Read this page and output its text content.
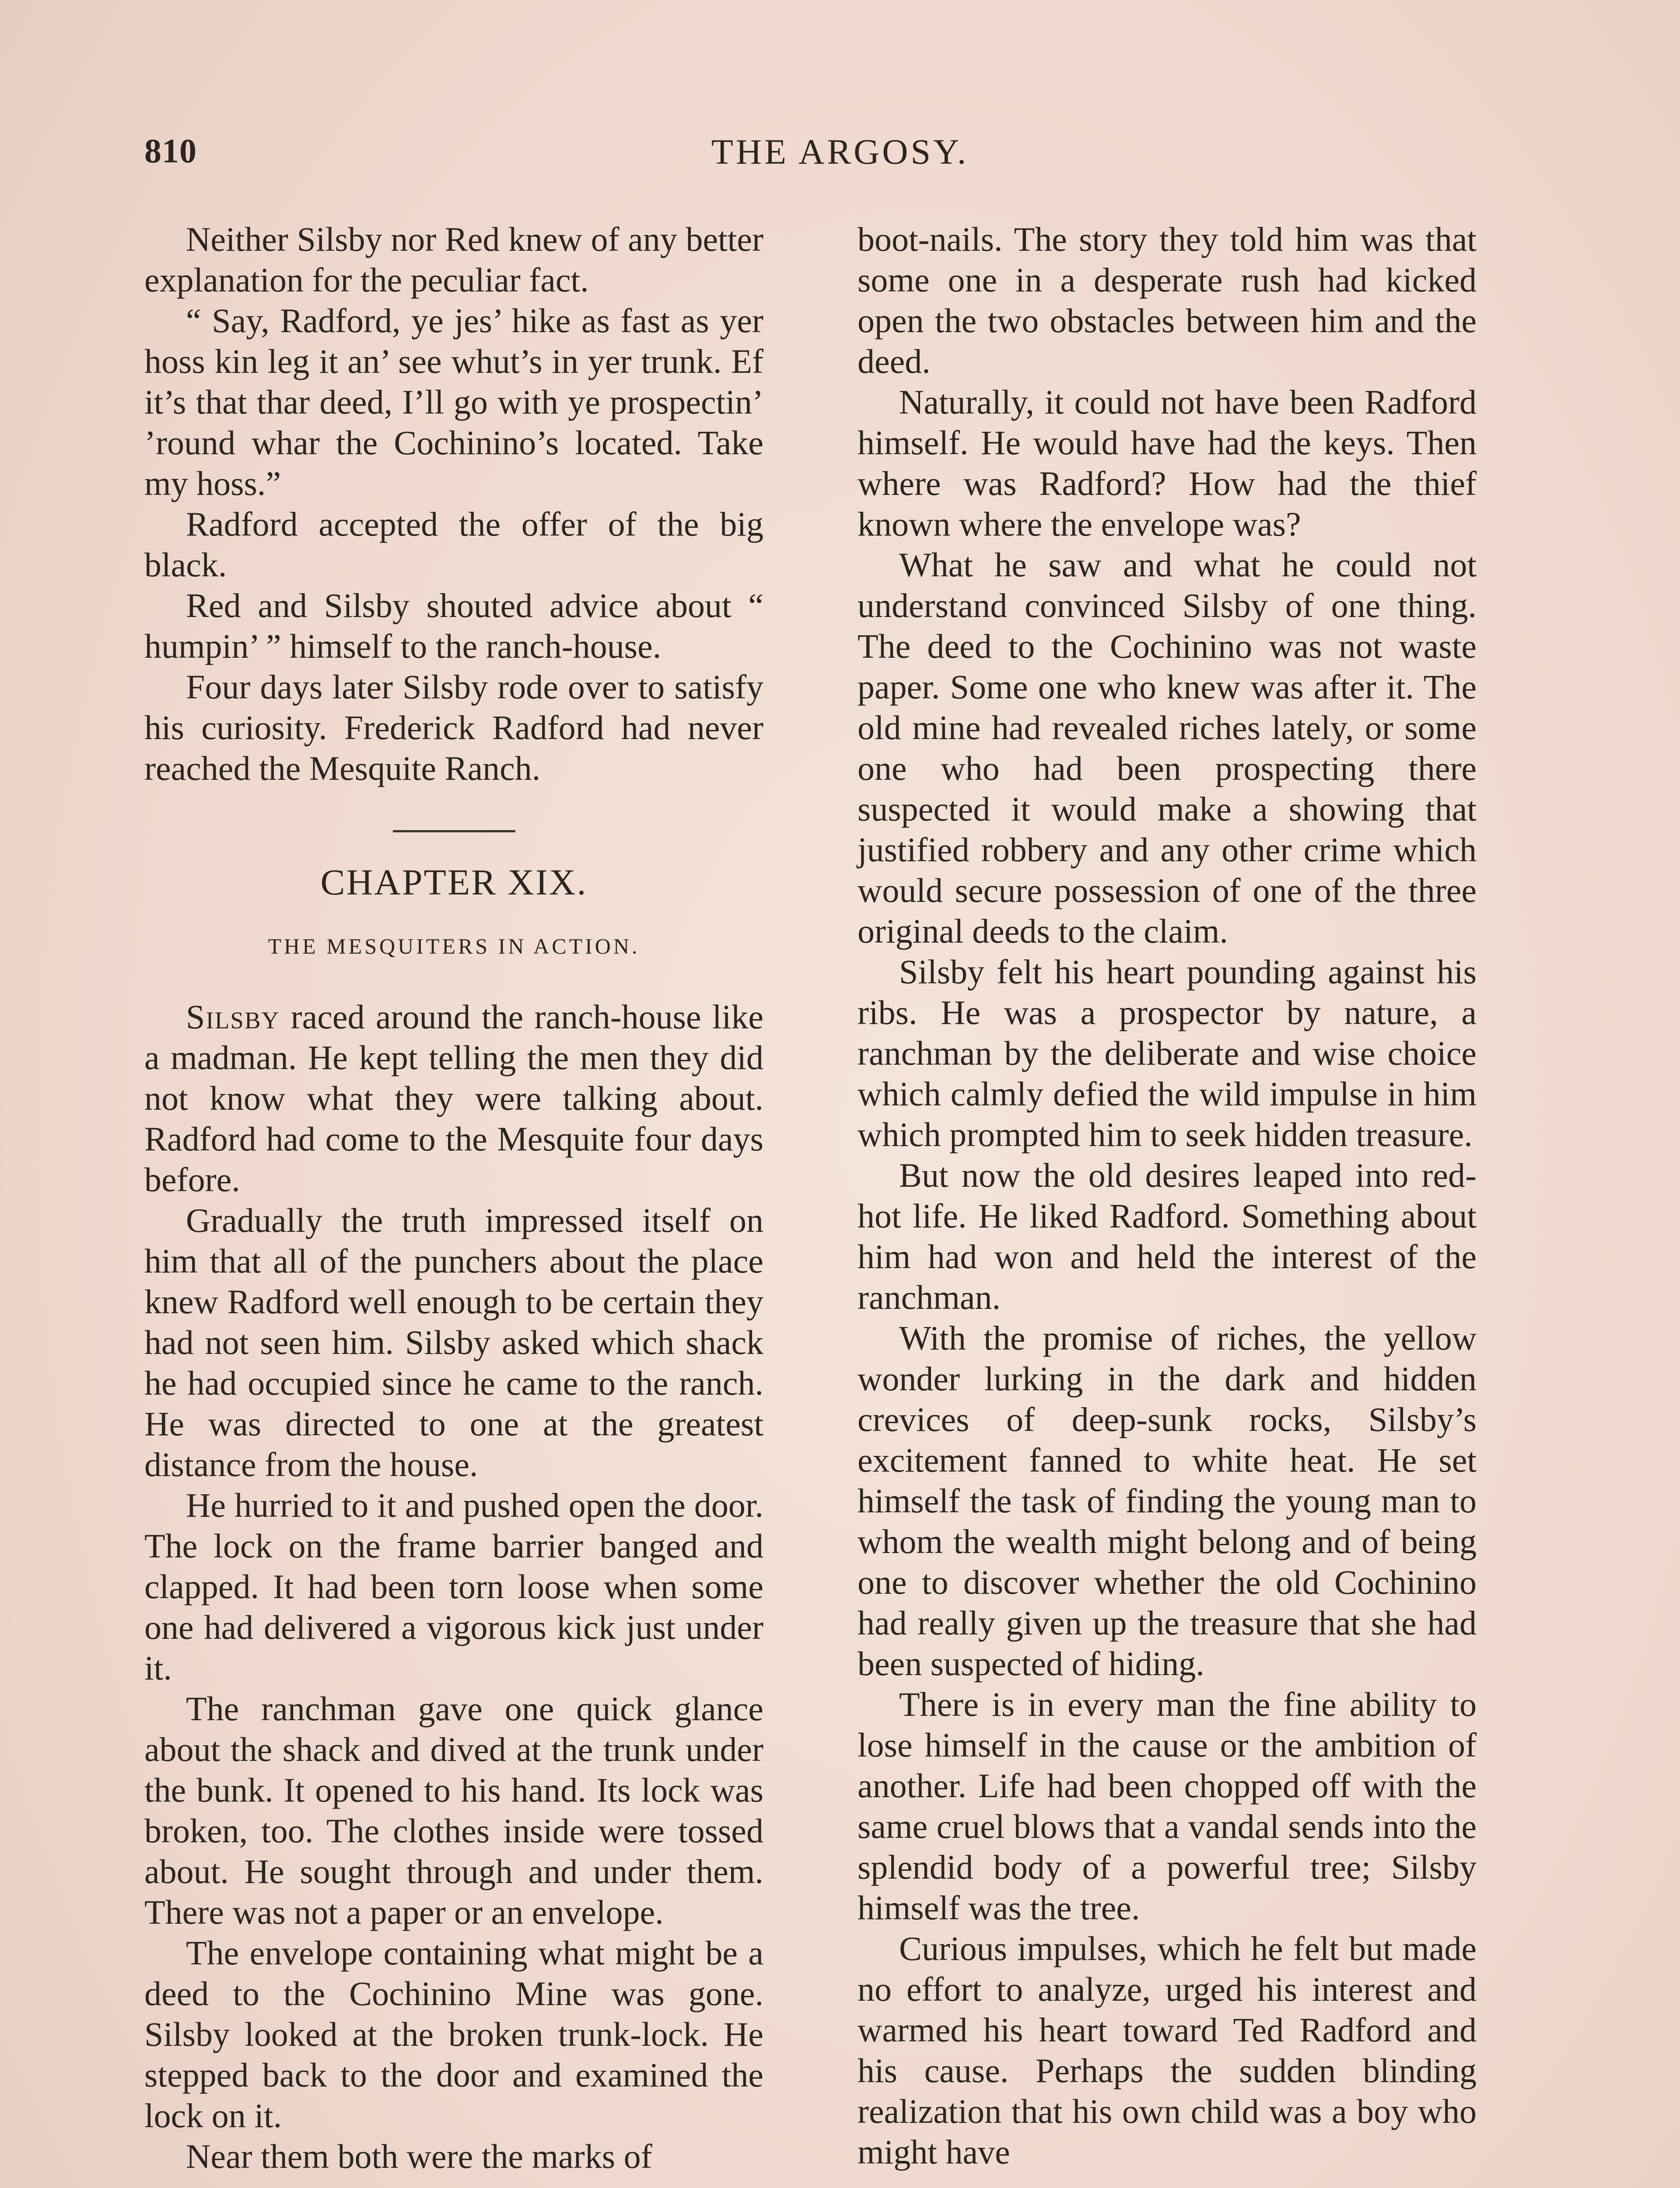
810	THE ARGOSY.

Neither Silsby nor Red knew of any better explanation for the peculiar fact.

“ Say, Radford, ye jes’ hike as fast as yer hoss kin leg it an’ see whut’s in yer trunk. Ef it’s that thar deed, I’ll go with ye prospectin’ ’round whar the Cochinino’s located. Take my hoss.”

Radford accepted the offer of the big black.

Red and Silsby shouted advice about “ humpin’ ” himself to the ranch-house.

Four days later Silsby rode over to satisfy his curiosity. Frederick Radford had never reached the Mesquite Ranch.

CHAPTER XIX.
THE MESQUITERS IN ACTION.

Silsby raced around the ranch-house like a madman. He kept telling the men they did not know what they were talking about. Radford had come to the Mesquite four days before.

Gradually the truth impressed itself on him that all of the punchers about the place knew Radford well enough to be certain they had not seen him. Silsby asked which shack he had occupied since he came to the ranch. He was directed to one at the greatest distance from the house.

He hurried to it and pushed open the door. The lock on the frame barrier banged and clapped. It had been torn loose when some one had delivered a vigorous kick just under it.

The ranchman gave one quick glance about the shack and dived at the trunk under the bunk. It opened to his hand. Its lock was broken, too. The clothes inside were tossed about. He sought through and under them. There was not a paper or an envelope.

The envelope containing what might be a deed to the Cochinino Mine was gone. Silsby looked at the broken trunk-lock. He stepped back to the door and examined the lock on it.

Near them both were the marks of

boot-nails. The story they told him was that some one in a desperate rush had kicked open the two obstacles between him and the deed.

Naturally, it could not have been Radford himself. He would have had the keys. Then where was Radford? How had the thief known where the envelope was?

What he saw and what he could not understand convinced Silsby of one thing. The deed to the Cochinino was not waste paper. Some one who knew was after it. The old mine had revealed riches lately, or some one who had been prospecting there suspected it would make a showing that justified robbery and any other crime which would secure possession of one of the three original deeds to the claim.

Silsby felt his heart pounding against his ribs. He was a prospector by nature, a ranchman by the deliberate and wise choice which calmly defied the wild impulse in him which prompted him to seek hidden treasure.

But now the old desires leaped into red-hot life. He liked Radford. Something about him had won and held the interest of the ranchman.

With the promise of riches, the yellow wonder lurking in the dark and hidden crevices of deep-sunk rocks, Silsby’s excitement fanned to white heat. He set himself the task of finding the young man to whom the wealth might belong and of being one to discover whether the old Cochinino had really given up the treasure that she had been suspected of hiding.

There is in every man the fine ability to lose himself in the cause or the ambition of another. Life had been chopped off with the same cruel blows that a vandal sends into the splendid body of a powerful tree; Silsby himself was the tree.

Curious impulses, which he felt but made no effort to analyze, urged his interest and warmed his heart toward Ted Radford and his cause. Perhaps the sudden blinding realization that his own child was a boy who might have
